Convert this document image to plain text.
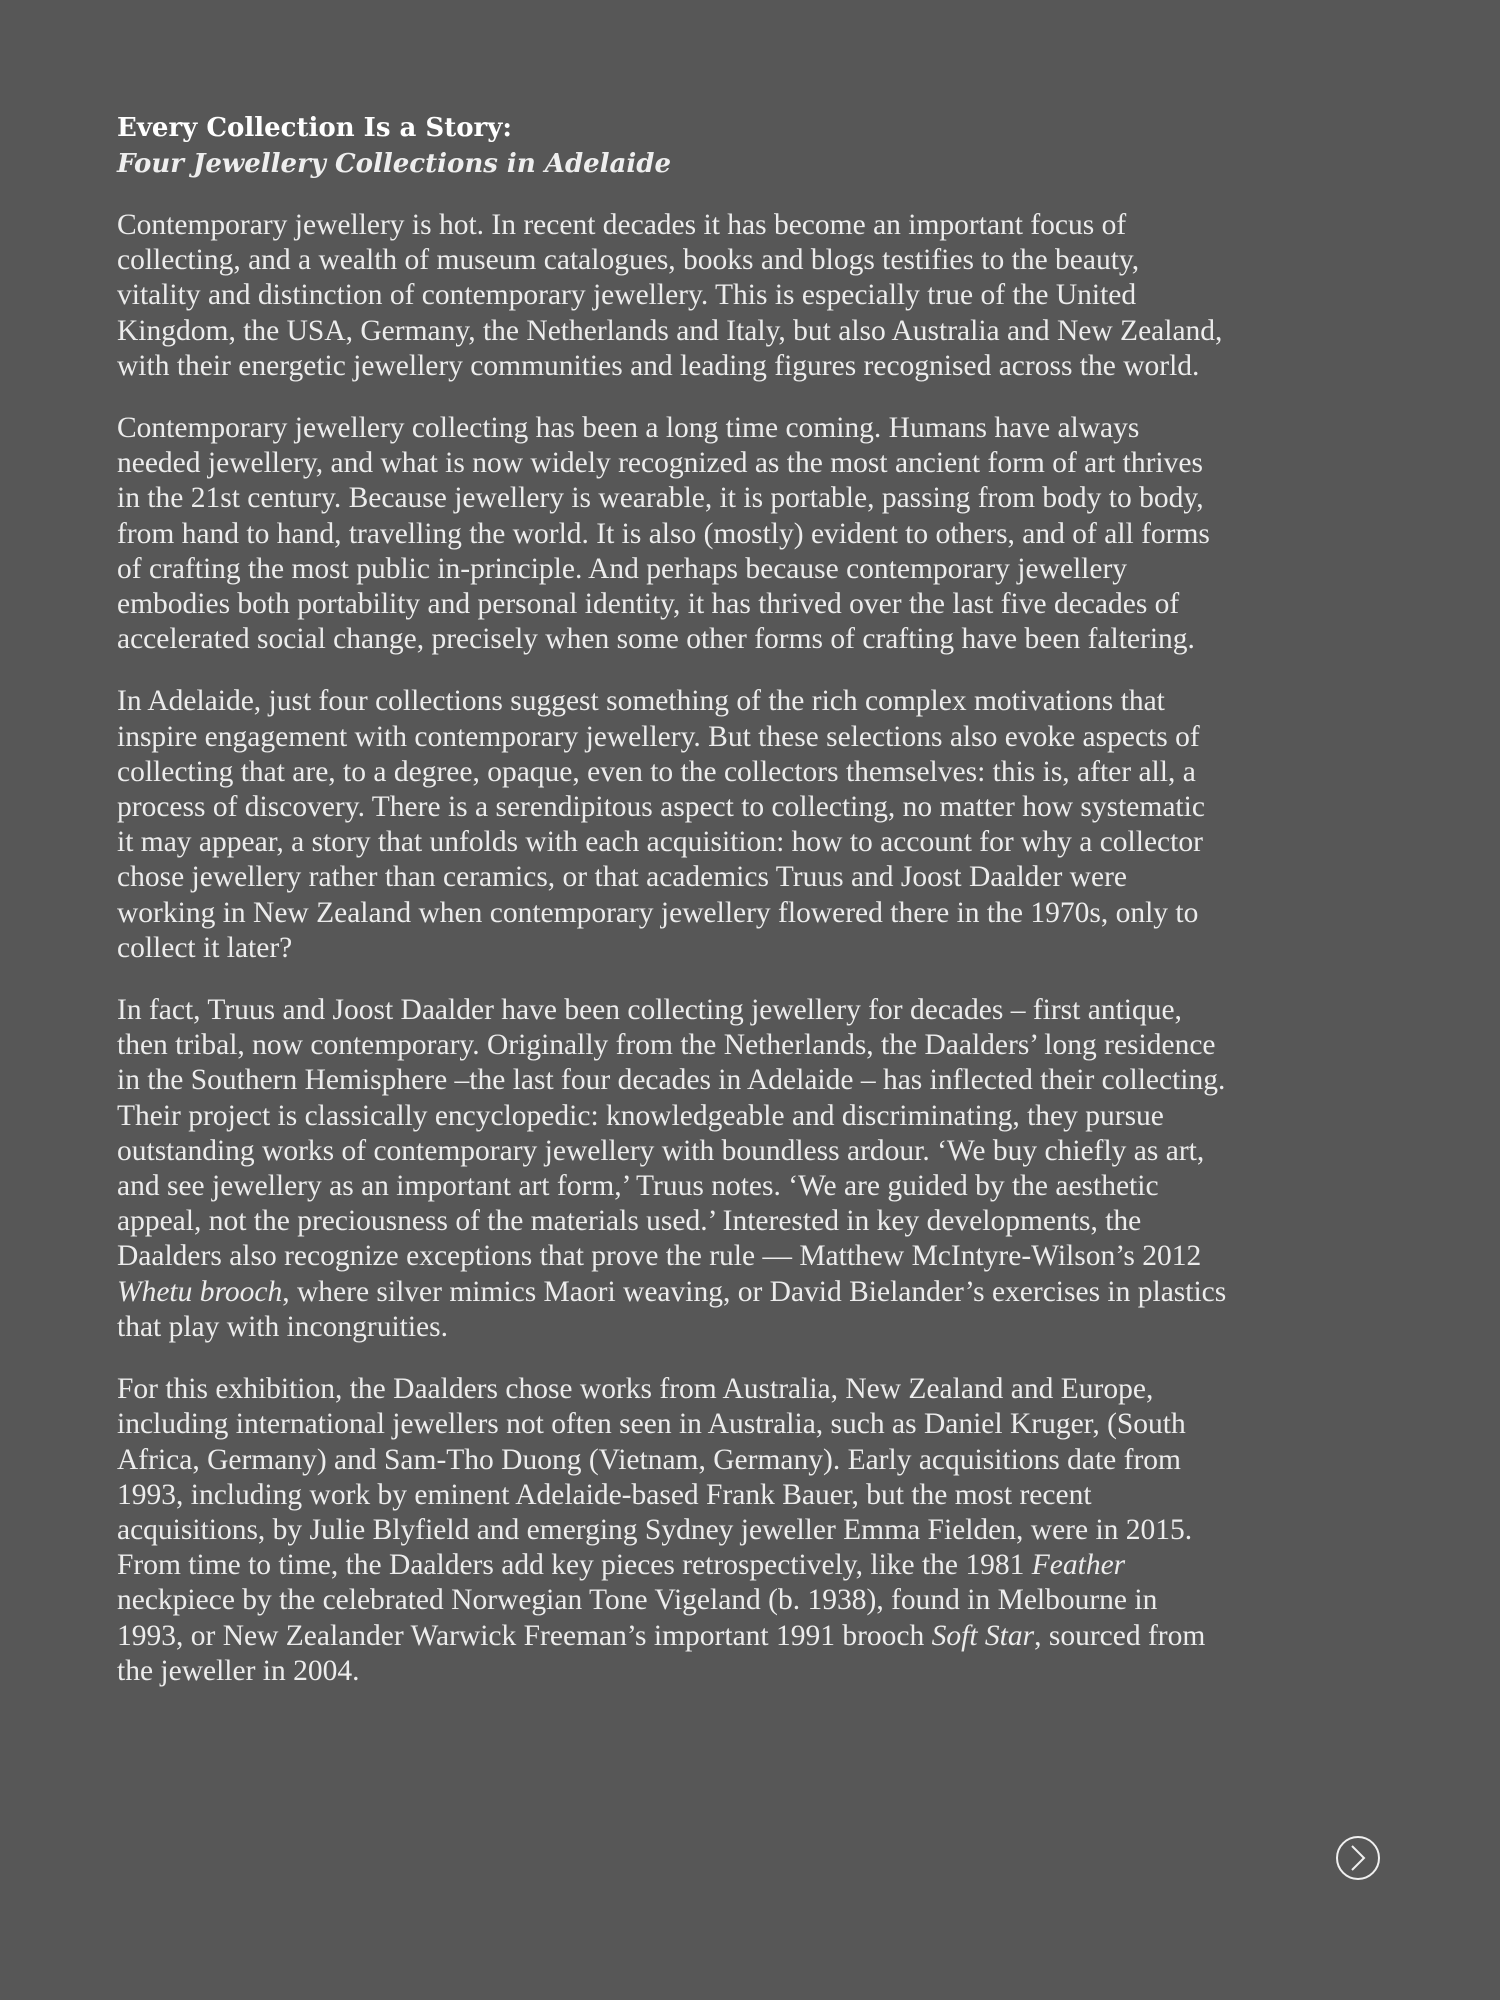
Every Collection Is a Story:
Four Jewellery Collections in Adelaide

Contemporary jewellery is hot. In recent decades it has become an important focus of collecting, and a wealth of museum catalogues, books and blogs testifies to the beauty, vitality and distinction of contemporary jewellery. This is especially true of the United Kingdom, the USA, Germany, the Netherlands and Italy, but also Australia and New Zealand, with their energetic jewellery communities and leading figures recognised across the world.

Contemporary jewellery collecting has been a long time coming. Humans have always needed jewellery, and what is now widely recognized as the most ancient form of art thrives in the 21st century. Because jewellery is wearable, it is portable, passing from body to body, from hand to hand, travelling the world. It is also (mostly) evident to others, and of all forms of crafting the most public in-principle. And perhaps because contemporary jewellery embodies both portability and personal identity, it has thrived over the last five decades of accelerated social change, precisely when some other forms of crafting have been faltering.

In Adelaide, just four collections suggest something of the rich complex motivations that inspire engagement with contemporary jewellery. But these selections also evoke aspects of collecting that are, to a degree, opaque, even to the collectors themselves: this is, after all, a process of discovery. There is a serendipitous aspect to collecting, no matter how systematic it may appear, a story that unfolds with each acquisition: how to account for why a collector chose jewellery rather than ceramics, or that academics Truus and Joost Daalder were working in New Zealand when contemporary jewellery flowered there in the 1970s, only to collect it later?

In fact, Truus and Joost Daalder have been collecting jewellery for decades – first antique, then tribal, now contemporary. Originally from the Netherlands, the Daalders’ long residence in the Southern Hemisphere –the last four decades in Adelaide – has inflected their collecting. Their project is classically encyclopedic: knowledgeable and discriminating, they pursue outstanding works of contemporary jewellery with boundless ardour. ‘We buy chiefly as art, and see jewellery as an important art form,’ Truus notes. ‘We are guided by the aesthetic appeal, not the preciousness of the materials used.’ Interested in key developments, the Daalders also recognize exceptions that prove the rule — Matthew McIntyre-Wilson’s 2012 Whetu brooch, where silver mimics Maori weaving, or David Bielander’s exercises in plastics that play with incongruities.

For this exhibition, the Daalders chose works from Australia, New Zealand and Europe, including international jewellers not often seen in Australia, such as Daniel Kruger, (South Africa, Germany) and Sam-Tho Duong (Vietnam, Germany). Early acquisitions date from 1993, including work by eminent Adelaide-based Frank Bauer, but the most recent acquisitions, by Julie Blyfield and emerging Sydney jeweller Emma Fielden, were in 2015. From time to time, the Daalders add key pieces retrospectively, like the 1981 Feather neckpiece by the celebrated Norwegian Tone Vigeland (b. 1938), found in Melbourne in 1993, or New Zealander Warwick Freeman’s important 1991 brooch Soft Star, sourced from the jeweller in 2004.
